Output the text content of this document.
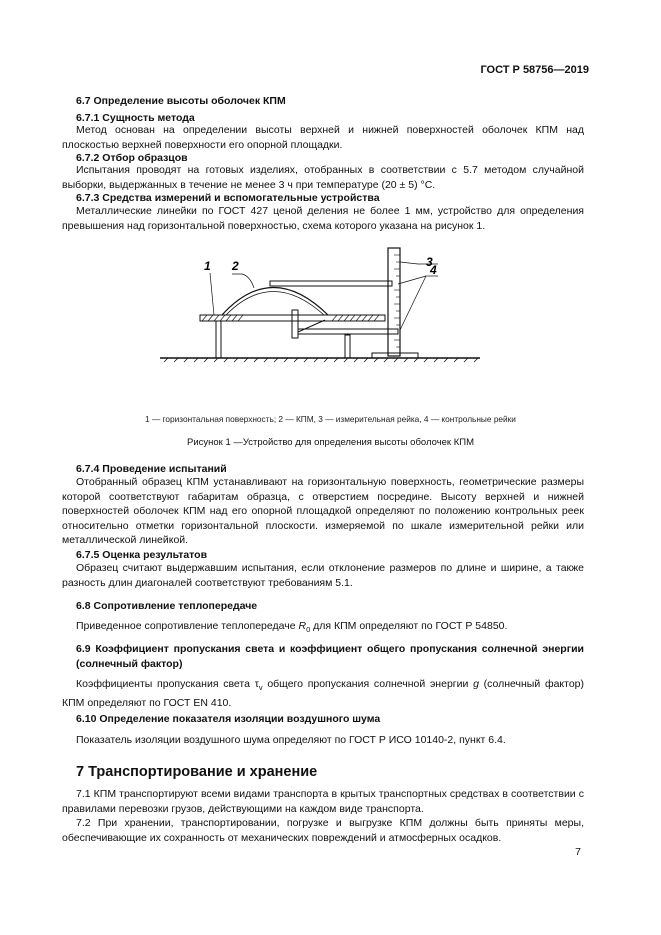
ГОСТ Р 58756—2019
6.7 Определение высоты оболочек КПМ
6.7.1 Сущность метода
Метод основан на определении высоты верхней и нижней поверхностей оболочек КПМ над плоскостью верхней поверхности его опорной площадки.
6.7.2 Отбор образцов
Испытания проводят на готовых изделиях, отобранных в соответствии с 5.7 методом случайной выборки, выдержанных в течение не менее 3 ч при температуре (20 ± 5) °С.
6.7.3 Средства измерений и вспомогательные устройства
Металлические линейки по ГОСТ 427 ценой деления не более 1 мм, устройство для определения превышения над горизонтальной поверхностью, схема которого указана на рисунок 1.
1 2	3
4
1 — горизонтальная поверхность; 2 — КПМ, 3 — измерительная рейка, 4 — контрольные рейки
Рисунок 1 —Устройство для определения высоты оболочек КПМ
6.7.4 Проведение испытаний
Отобранный образец КПМ устанавливают на горизонтальную поверхность, геометрические размеры которой соответствуют габаритам образца, с отверстием посредине. Высоту верхней и нижней поверхностей оболочек КПМ над его опорной площадкой определяют по положению контрольных реек относительно отметки горизонтальной плоскости. измеряемой по шкале измерительной рейки или металлической линейкой.
6.7.5 Оценка результатов
Образец считают выдержавшим испытания, если отклонение размеров по длине и ширине, а также разность длин диагоналей соответствуют требованиям 5.1.
6.8 Сопротивление теплопередаче
Приведенное сопротивление теплопередаче $R_0$ для КПМ определяют по ГОСТ Р 54850.
6.9 Коэффициент пропускания света и коэффициент общего пропускания солнечной энергии (солнечный фактор)
Коэффициенты пропускания света $\tau_v$ общего пропускания солнечной энергии g (солнечный фактор) КПМ определяют по ГОСТ EN 410.
6.10 Определение показателя изоляции воздушного шума
Показатель изоляции воздушного шума определяют по ГОСТ Р ИСО 10140-2, пункт 6.4.
7 Транспортирование и хранение
7.1 КПМ транспортируют всеми видами транспорта в крытых транспортных средствах в соответствии с правилами перевозки грузов, действующими на каждом виде транспорта.
7.2 При хранении, транспортировании, погрузке и выгрузке КПМ должны быть приняты меры, обеспечивающие их сохранность от механических повреждений и атмосферных осадков.
7
